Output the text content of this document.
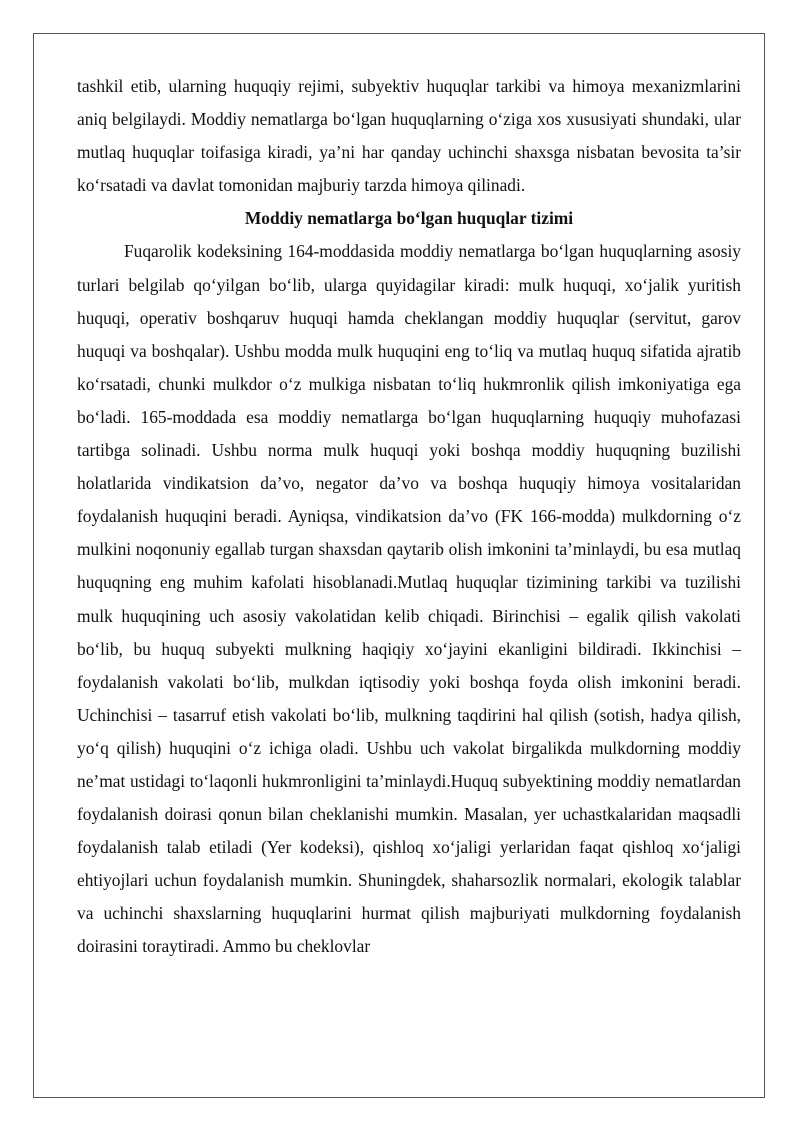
tashkil etib, ularning huquqiy rejimi, subyektiv huquqlar tarkibi va himoya mexanizmlarini aniq belgilaydi. Moddiy nematlarga bo‘lgan huquqlarning o‘ziga xos xususiyati shundaki, ular mutlaq huquqlar toifasiga kiradi, ya’ni har qanday uchinchi shaxsga nisbatan bevosita ta’sir ko‘rsatadi va davlat tomonidan majburiy tarzda himoya qilinadi.

Moddiy nematlarga bo‘lgan huquqlar tizimi

Fuqarolik kodeksining 164-moddasida moddiy nematlarga bo‘lgan huquqlarning asosiy turlari belgilab qo‘yilgan bo‘lib, ularga quyidagilar kiradi: mulk huquqi, xo‘jalik yuritish huquqi, operativ boshqaruv huquqi hamda cheklangan moddiy huquqlar (servitut, garov huquqi va boshqalar). Ushbu modda mulk huquqini eng to‘liq va mutlaq huquq sifatida ajratib ko‘rsatadi, chunki mulkdor o‘z mulkiga nisbatan to‘liq hukmronlik qilish imkoniyatiga ega bo‘ladi. 165-moddada esa moddiy nematlarga bo‘lgan huquqlarning huquqiy muhofazasi tartibga solinadi. Ushbu norma mulk huquqi yoki boshqa moddiy huquqning buzilishi holatlarida vindikatsion da’vo, negator da’vo va boshqa huquqiy himoya vositalaridan foydalanish huquqini beradi. Ayniqsa, vindikatsion da’vo (FK 166-modda) mulkdorning o‘z mulkini noqonuniy egallab turgan shaxsdan qaytarib olish imkonini ta’minlaydi, bu esa mutlaq huquqning eng muhim kafolati hisoblanadi.Mutlaq huquqlar tizimining tarkibi va tuzilishi mulk huquqining uch asosiy vakolatidan kelib chiqadi. Birinchisi – egalik qilish vakolati bo‘lib, bu huquq subyekti mulkning haqiqiy xo‘jayini ekanligini bildiradi. Ikkinchisi – foydalanish vakolati bo‘lib, mulkdan iqtisodiy yoki boshqa foyda olish imkonini beradi. Uchinchisi – tasarruf etish vakolati bo‘lib, mulkning taqdirini hal qilish (sotish, hadya qilish, yo‘q qilish) huquqini o‘z ichiga oladi. Ushbu uch vakolat birgalikda mulkdorning moddiy ne’mat ustidagi to‘laqonli hukmronligini ta’minlaydi.Huquq subyektining moddiy nematlardan foydalanish doirasi qonun bilan cheklanishi mumkin. Masalan, yer uchastkalaridan maqsadli foydalanish talab etiladi (Yer kodeksi), qishloq xo‘jaligi yerlaridan faqat qishloq xo‘jaligi ehtiyojlari uchun foydalanish mumkin. Shuningdek, shaharsozlik normalari, ekologik talablar va uchinchi shaxslarning huquqlarini hurmat qilish majburiyati mulkdorning foydalanish doirasini toraytiradi. Ammo bu cheklovlar
